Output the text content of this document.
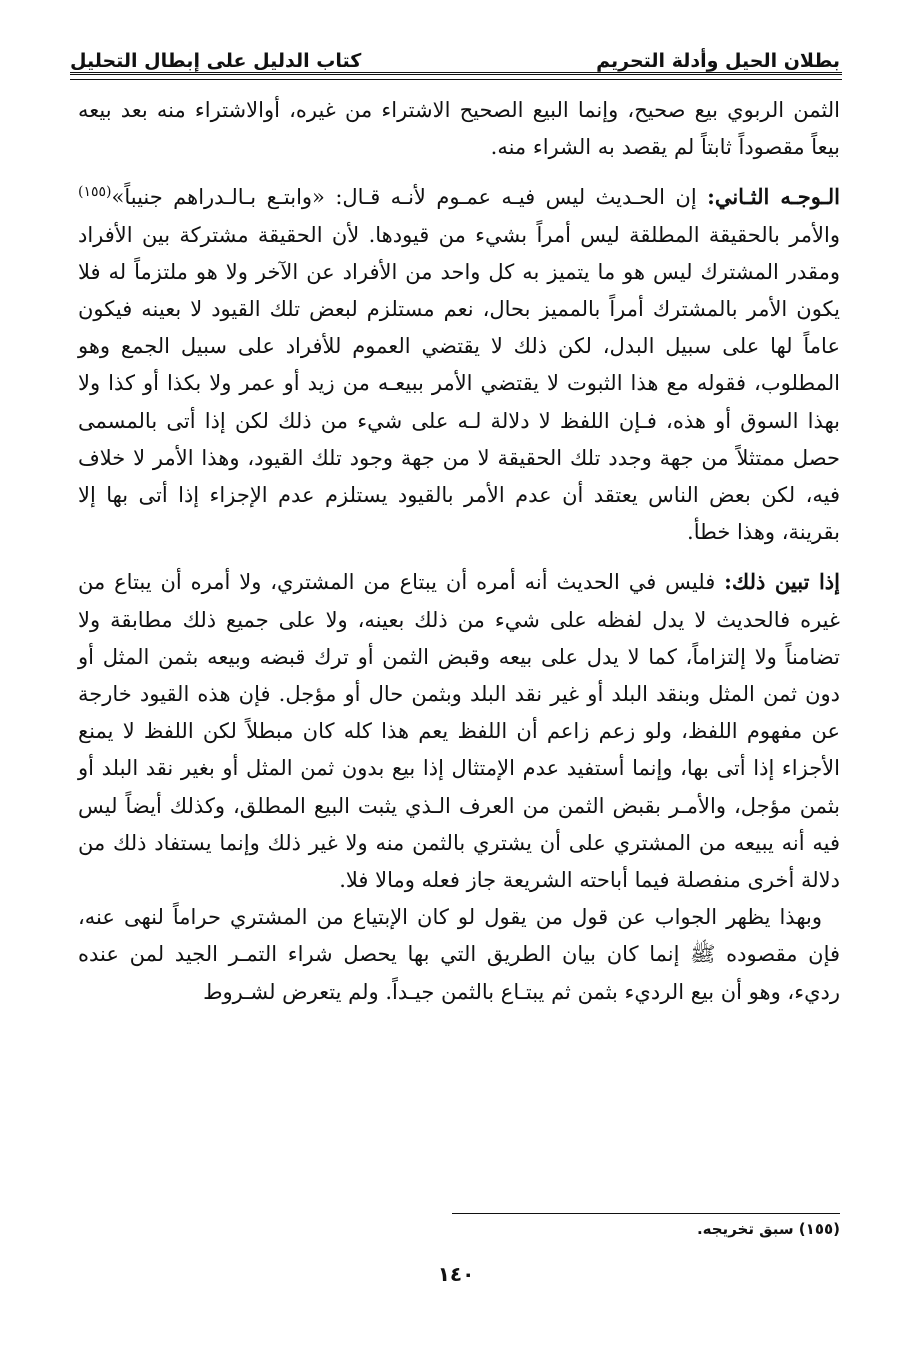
بطلان الحيل وأدلة التحريم
كتاب الدليل على إبطال التحليل

الثمن الربوي بيع صحيح، وإنما البيع الصحيح الاشتراء من غيره، أوالاشتراء منه بعد بيعه بيعاً مقصوداً ثابتاً لم يقصد به الشراء منه.

الـوجـه الثـاني: إن الحـديث ليس فيـه عمـوم لأنـه قـال: «وابتـع بـالـدراهم جنيباً»$^{(١٥٥)}$ والأمر بالحقيقة المطلقة ليس أمراً بشيء من قيودها. لأن الحقيقة مشتركة بين الأفراد ومقدر المشترك ليس هو ما يتميز به كل واحد من الأفراد عن الآخر ولا هو ملتزماً له فلا يكون الأمر بالمشترك أمراً بالمميز بحال، نعم مستلزم لبعض تلك القيود لا بعينه فيكون عاماً لها على سبيل البدل، لكن ذلك لا يقتضي العموم للأفراد على سبيل الجمع وهو المطلوب، فقوله مع هذا الثبوت لا يقتضي الأمر ببيعـه من زيد أو عمر ولا بكذا أو كذا ولا بهذا السوق أو هذه، فـإن اللفظ لا دلالة لـه على شيء من ذلك لكن إذا أتى بالمسمى حصل ممتثلاً من جهة وجدد تلك الحقيقة لا من جهة وجود تلك القيود، وهذا الأمر لا خلاف فيه، لكن بعض الناس يعتقد أن عدم الأمر بالقيود يستلزم عدم الإجزاء إذا أتى بها إلا بقرينة، وهذا خطأ.

إذا تبين ذلك: فليس في الحديث أنه أمره أن يبتاع من المشتري، ولا أمره أن يبتاع من غيره فالحديث لا يدل لفظه على شيء من ذلك بعينه، ولا على جميع ذلك مطابقة ولا تضامناً ولا إلتزاماً، كما لا يدل على بيعه وقبض الثمن أو ترك قبضه وبيعه بثمن المثل أو دون ثمن المثل وبنقد البلد أو غير نقد البلد وبثمن حال أو مؤجل. فإن هذه القيود خارجة عن مفهوم اللفظ، ولو زعم زاعم أن اللفظ يعم هذا كله كان مبطلاً لكن اللفظ لا يمنع الأجزاء إذا أتى بها، وإنما أستفيد عدم الإمتثال إذا بيع بدون ثمن المثل أو بغير نقد البلد أو بثمن مؤجل، والأمـر بقبض الثمن من العرف الـذي يثبت البيع المطلق، وكذلك أيضاً ليس فيه أنه يبيعه من المشتري على أن يشتري بالثمن منه ولا غير ذلك وإنما يستفاد ذلك من دلالة أخرى منفصلة فيما أباحته الشريعة جاز فعله ومالا فلا.

وبهذا يظهر الجواب عن قول من يقول لو كان الإبتياع من المشتري حراماً لنهى عنه، فإن مقصوده ﷺ إنما كان بيان الطريق التي بها يحصل شراء التمـر الجيد لمن عنده رديء، وهو أن بيع الرديء بثمن ثم يبتـاع بالثمن جيـداً. ولم يتعرض لشـروط

(١٥٥) سبق تخريجه.
١٤٠
